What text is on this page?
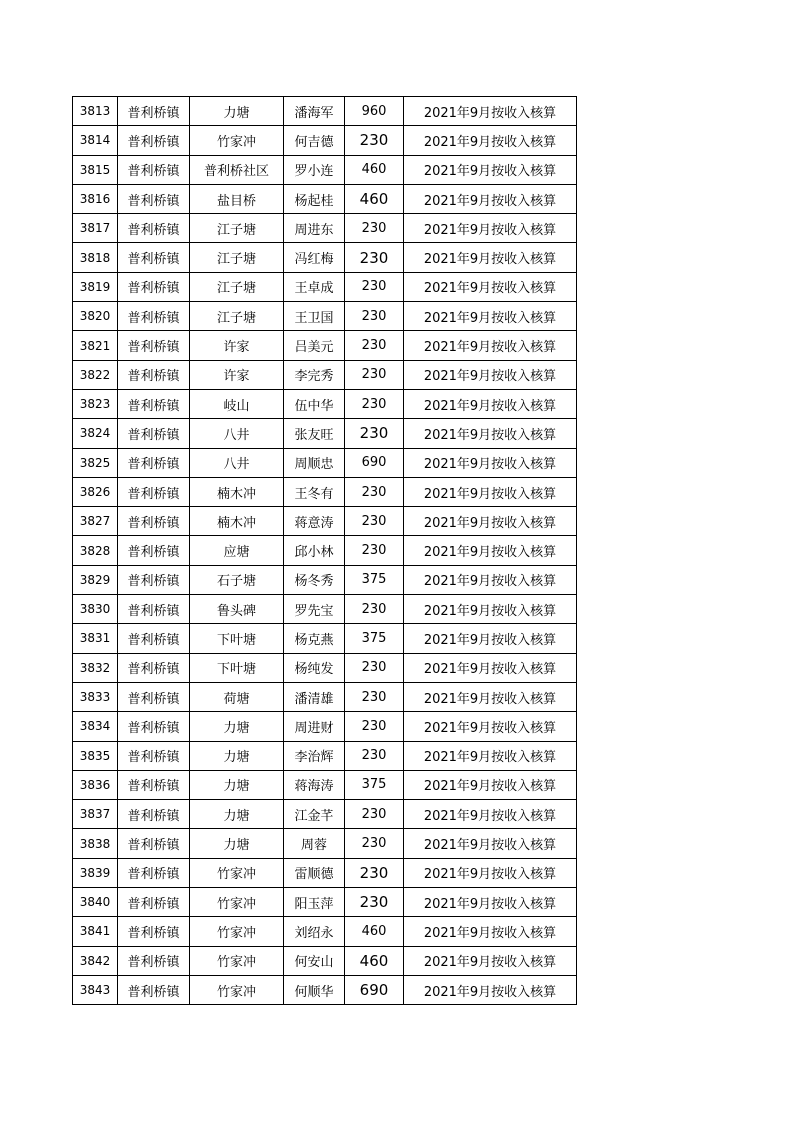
3813	普利桥镇	力塘	潘海军	960	2021年9月按收入核算
3814	普利桥镇	竹家冲	何吉德	230	2021年9月按收入核算
3815	普利桥镇	普利桥社区	罗小连	460	2021年9月按收入核算
3816	普利桥镇	盐目桥	杨起桂	460	2021年9月按收入核算
3817	普利桥镇	江子塘	周进东	230	2021年9月按收入核算
3818	普利桥镇	江子塘	冯红梅	230	2021年9月按收入核算
3819	普利桥镇	江子塘	王卓成	230	2021年9月按收入核算
3820	普利桥镇	江子塘	王卫国	230	2021年9月按收入核算
3821	普利桥镇	许家	吕美元	230	2021年9月按收入核算
3822	普利桥镇	许家	李完秀	230	2021年9月按收入核算
3823	普利桥镇	岐山	伍中华	230	2021年9月按收入核算
3824	普利桥镇	八井	张友旺	230	2021年9月按收入核算
3825	普利桥镇	八井	周顺忠	690	2021年9月按收入核算
3826	普利桥镇	楠木冲	王冬有	230	2021年9月按收入核算
3827	普利桥镇	楠木冲	蒋意涛	230	2021年9月按收入核算
3828	普利桥镇	应塘	邱小林	230	2021年9月按收入核算
3829	普利桥镇	石子塘	杨冬秀	375	2021年9月按收入核算
3830	普利桥镇	鲁头碑	罗先宝	230	2021年9月按收入核算
3831	普利桥镇	下叶塘	杨克燕	375	2021年9月按收入核算
3832	普利桥镇	下叶塘	杨纯发	230	2021年9月按收入核算
3833	普利桥镇	荷塘	潘清雄	230	2021年9月按收入核算
3834	普利桥镇	力塘	周进财	230	2021年9月按收入核算
3835	普利桥镇	力塘	李治辉	230	2021年9月按收入核算
3836	普利桥镇	力塘	蒋海涛	375	2021年9月按收入核算
3837	普利桥镇	力塘	江金芊	230	2021年9月按收入核算
3838	普利桥镇	力塘	周蓉	230	2021年9月按收入核算
3839	普利桥镇	竹家冲	雷顺德	230	2021年9月按收入核算
3840	普利桥镇	竹家冲	阳玉萍	230	2021年9月按收入核算
3841	普利桥镇	竹家冲	刘绍永	460	2021年9月按收入核算
3842	普利桥镇	竹家冲	何安山	460	2021年9月按收入核算
3843	普利桥镇	竹家冲	何顺华	690	2021年9月按收入核算
